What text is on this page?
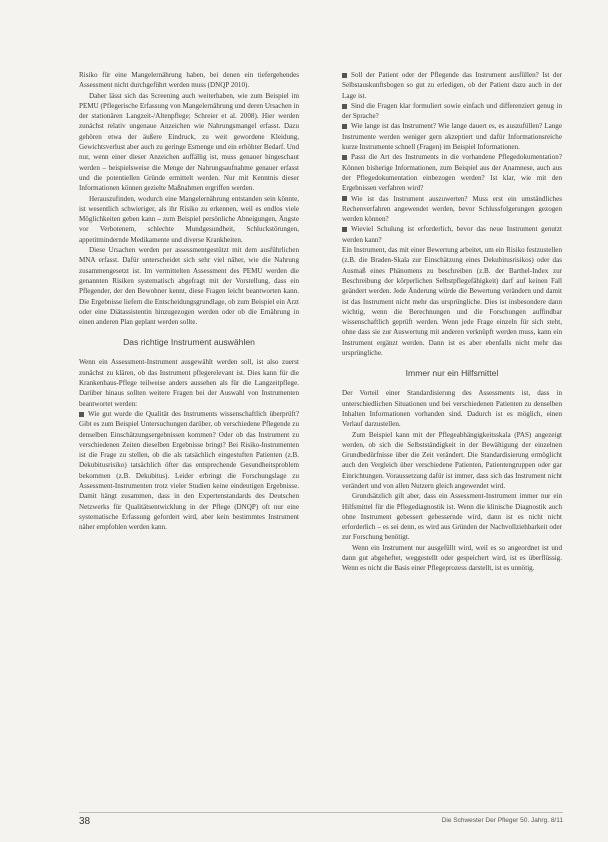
Risiko für eine Mangelernährung haben, bei denen ein tiefergehendes Assessment nicht durchgeführt werden muss (DNQP 2010).

Daher lässt sich das Screening auch weiterhaben, wie zum Beispiel im PEMU (Pflegerische Erfassung von Mangelernährung und deren Ursachen in der stationären Langzeit-/Altenpflege; Schreier et al. 2008). Hier werden zunächst relativ ungenaue Anzeichen wie Nahrungsmangel erfasst. Dazu gehören etwa der äußere Eindruck, zu weit gewordene Kleidung, Gewichtsverlust aber auch zu geringe Esmenge und ein erhöhter Bedarf. Und nur, wenn einer dieser Anzeichen auffällig ist, muss genauer hingeschaut werden – beispielsweise die Menge der Nahrungsaufnahme genauer erfasst und die potentiellen Gründe ermittelt werden. Nur mit Kenntnis dieser Informationen können gezielte Maßnahmen ergriffen werden.

Herauszufinden, wodurch eine Mangelernährung entstanden sein könnte, ist wesentlich schwieriger, als ihr Risiko zu erkennen, weil es endlos viele Möglichkeiten geben kann – zum Beispiel persönliche Abneigungen, Ängste vor Verbotenem, schlechte Mundgesundheit, Schluckstörungen, appetitmindernde Medikamente und diverse Krankheiten.

Diese Ursachen werden per assessmentgestützt mit dem ausführlichen MNA erfasst. Dafür unterscheidet sich sehr viel näher, wie die Nahrung zusammengesetzt ist. Im vermittelten Assessment des PEMU werden die genannten Risiken systematisch abgefragt mit der Vorstellung, dass ein Pflegender, der den Bewohner kennt, diese Fragen leicht beantworten kann. Die Ergebnisse liefern die Entscheidungsgrundlage, ob zum Beispiel ein Arzt oder eine Diätassistentin hinzugezogen werden oder ob die Ernährung in einen anderen Plan geplant werden sollte.

Das richtige Instrument auswählen

Wenn ein Assessment-Instrument ausgewählt werden soll, ist also zuerst zunächst zu klären, ob das Instrument pflegerelevant ist. Dies kann für die Krankenhaus-Pflege teilweise anders aussehen als für die Langzeitpflege. Darüber hinaus sollten weitere Fragen bei der Auswahl von Instrumenten beantwortet werden:

Wie gut wurde die Qualität des Instruments wissenschaftlich überprüft? Gibt es zum Beispiel Untersuchungen darüber, ob verschiedene Pflegende zu denselben Einschätzungsergebnissen kommen? Oder ob das Instrument zu verschiedenen Zeiten dieselben Ergebnisse bringt? Bei Risiko-Instrumenten ist die Frage zu stellen, ob die als tatsächlich eingestuften Patienten (z.B. Dekubitusrisiko) tatsächlich öfter das entsprechende Gesundheitsproblem bekommen (z.B. Dekubitus). Leider erbringt die Forschungslage zu Assessment-Instrumenten trotz vieler Studien keine eindeutigen Ergebnisse. Damit hängt zusammen, dass in den Expertenstandards des Deutschen Netzwerks für Qualitätsentwicklung in der Pflege (DNQP) oft nur eine systematische Erfassung gefordert wird, aber kein bestimmtes Instrument näher empfohlen werden kann.

Soll der Patient oder der Pflegende das Instrument ausfüllen? Ist der Selbstauskunftsbogen so gut zu erledigen, ob der Patient dazu auch in der Lage ist.

Sind die Fragen klar formuliert sowie einfach und differenziert genug in der Sprache?

Wie lange ist das Instrument? Wie lange dauert es, es auszufüllen? Lange Instrumente werden weniger gern akzeptiert und dafür Informationsreiche kurze Instrumente schnell (Fragen) im Beispiel Informationen.

Passt die Art des Instruments in die vorhandene Pflegedokumentation? Können bisherige Informationen, zum Beispiel aus der Anamnese, auch aus der Pflegedokumentation einbezogen werden? Ist klar, wie mit den Ergebnissen verfahren wird?

Wie ist das Instrument auszuwerten? Muss erst ein umständliches Rechenverfahren angewendet werden, bevor Schlussfolgerungen gezogen werden können?

Wieviel Schulung ist erforderlich, bevor das neue Instrument genutzt werden kann?

Ein Instrument, das mit einer Bewertung arbeitet, um ein Risiko festzustellen (z.B. die Braden-Skala zur Einschätzung eines Dekubitusrisikos) oder das Ausmaß eines Phänomens zu beschreiben (z.B. der Barthel-Index zur Beschreibung der körperlichen Selbstpflegefähigkeit) darf auf keinen Fall geändert werden. Jede Änderung würde die Bewertung verändern und damit ist das Instrument nicht mehr das ursprüngliche. Dies ist insbesondere dann wichtig, wenn die Berechnungen und die Forschungen auffindbar wissenschaftlich geprüft werden. Wenn jede Frage einzeln für sich steht, ohne dass sie zur Auswertung mit anderen verknüpft werden muss, kann ein Instrument ergänzt werden. Dann ist es aber ebenfalls nicht mehr das ursprüngliche.

Immer nur ein Hilfsmittel

Der Vorteil einer Standardisierung des Assessments ist, dass in unterschiedlichen Situationen und bei verschiedenen Patienten zu denselben Inhalten Informationen vorhanden sind. Dadurch ist es möglich, einen Verlauf darzustellen.

Zum Beispiel kann mit der Pflegeabhängigkeitsskala (PAS) angezeigt werden, ob sich die Selbstständigkeit in der Bewältigung der einzelnen Grundbedürfnisse über die Zeit verändert. Die Standardisierung ermöglicht auch den Vergleich über verschiedene Patienten, Patientengruppen oder gar Einrichtungen. Voraussetzung dafür ist immer, dass sich das Instrument nicht verändert und von allen Nutzern gleich angewendet wird.

Grundsätzlich gilt aber, dass ein Assessment-Instrument immer nur ein Hilfsmittel für die Pflegediagnostik ist. Wenn die klinische Diagnostik auch ohne Instrument gebessert gebessernde wird, dann ist es nicht nicht erforderlich – es sei denn, es wird aus Gründen der Nachvollziehbarkeit oder zur Forschung benötigt.

Wenn ein Instrument nur ausgefüllt wird, weil es so angeordnet ist und dann gut abgeheftet, weggestellt oder gespeichert wird, ist es überflüssig. Wenn es nicht die Basis einer Pflegeprozess darstellt, ist es unnötig.

38	Die Schwester Der Pfleger 50. Jahrg. 8/11
